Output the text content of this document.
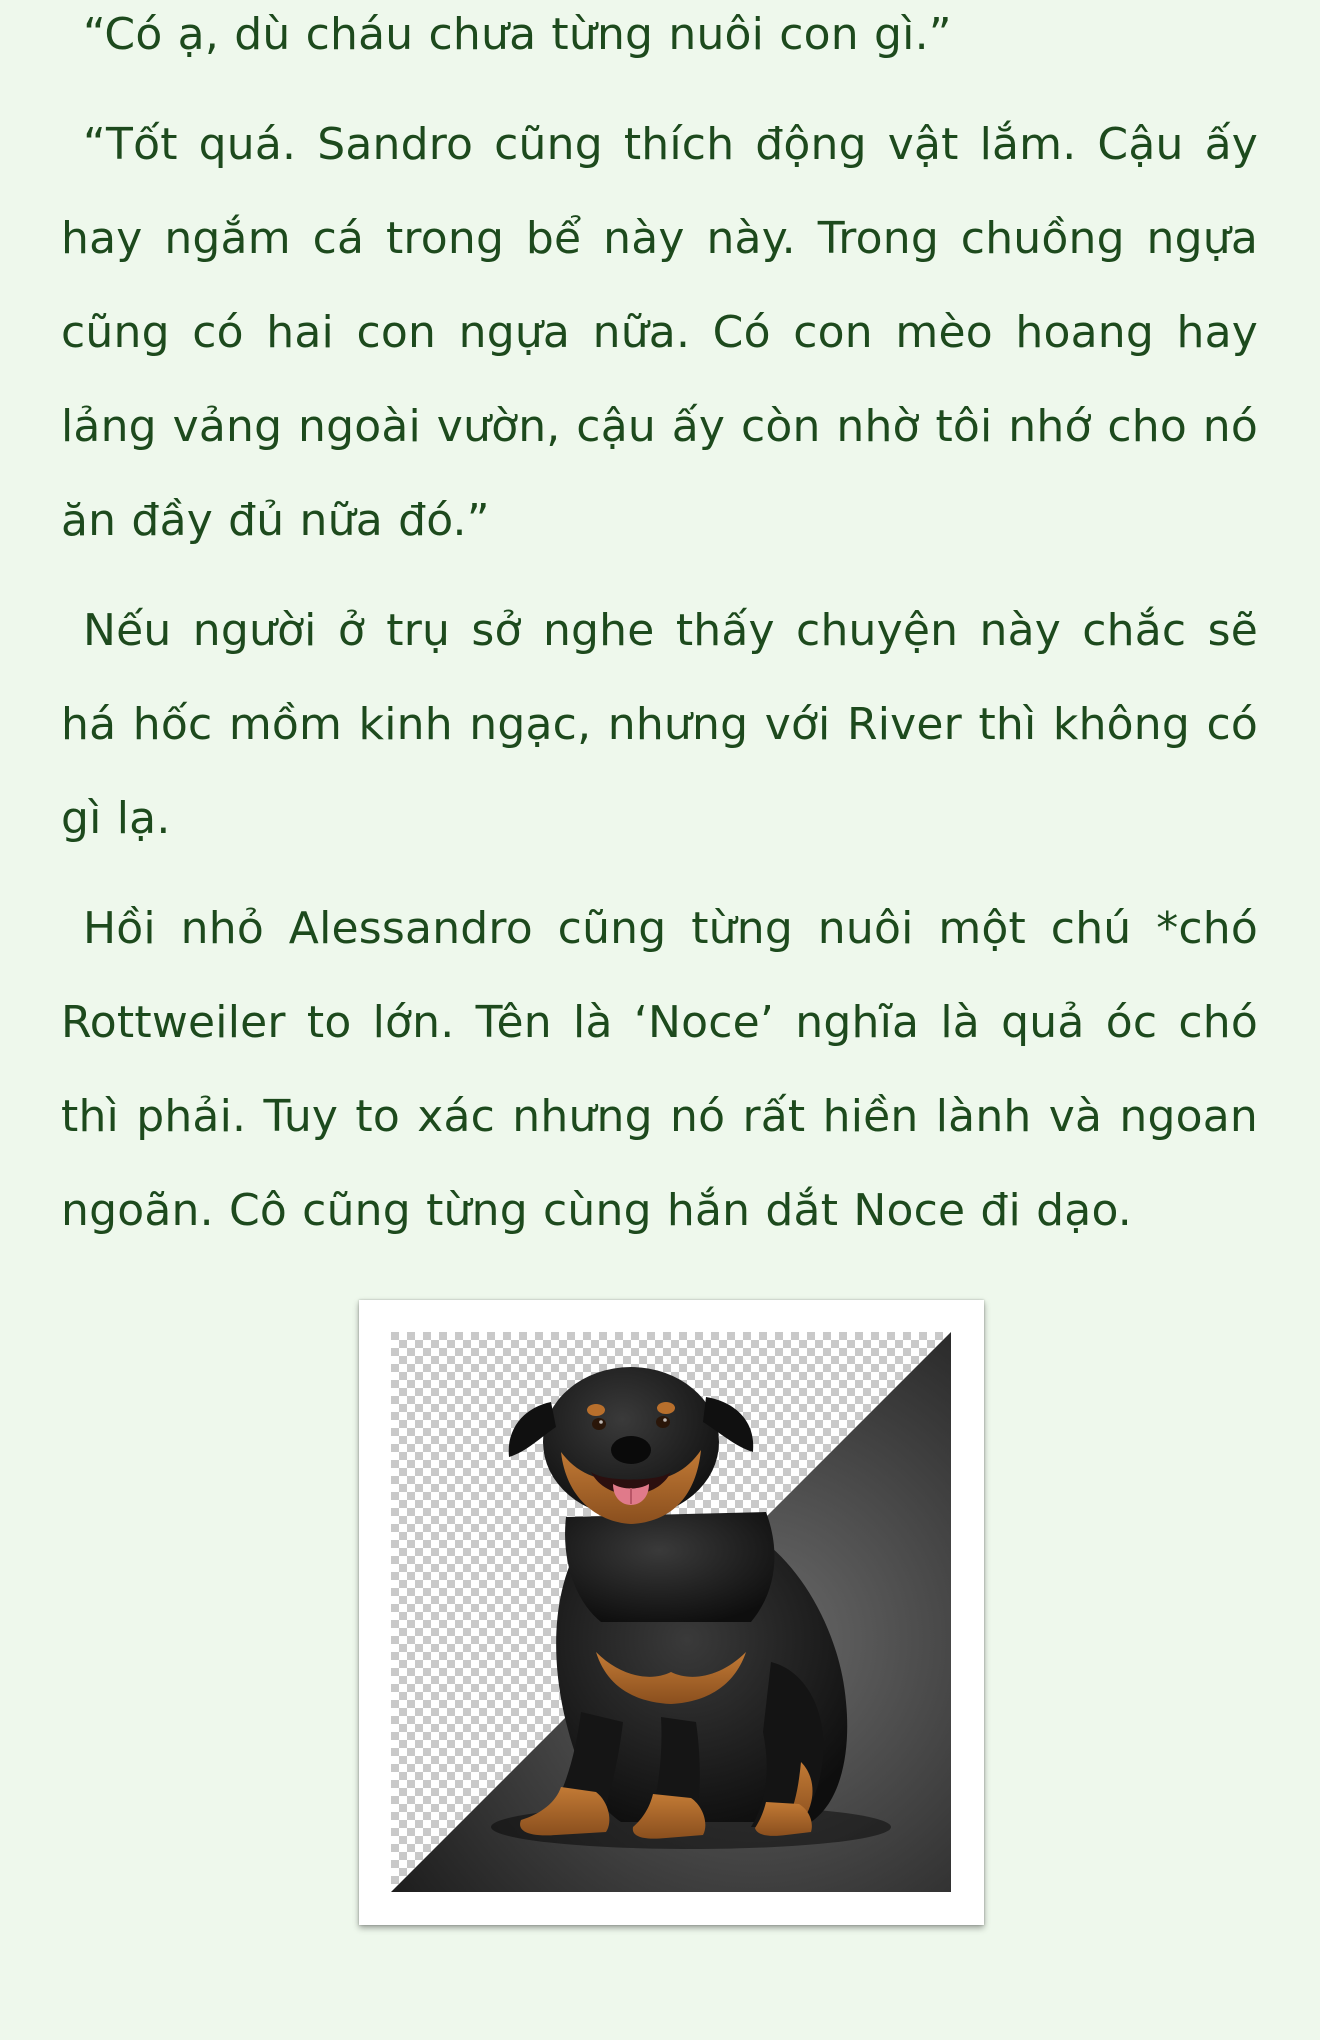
“Có ạ, dù cháu chưa từng nuôi con gì.”

“Tốt quá. Sandro cũng thích động vật lắm. Cậu ấy hay ngắm cá trong bể này này. Trong chuồng ngựa cũng có hai con ngựa nữa. Có con mèo hoang hay lảng vảng ngoài vườn, cậu ấy còn nhờ tôi nhớ cho nó ăn đầy đủ nữa đó.”

Nếu người ở trụ sở nghe thấy chuyện này chắc sẽ há hốc mồm kinh ngạc, nhưng với River thì không có gì lạ.

Hồi nhỏ Alessandro cũng từng nuôi một chú *chó Rottweiler to lớn. Tên là ‘Noce’ nghĩa là quả óc chó thì phải. Tuy to xác nhưng nó rất hiền lành và ngoan ngoãn. Cô cũng từng cùng hắn dắt Noce đi dạo.
